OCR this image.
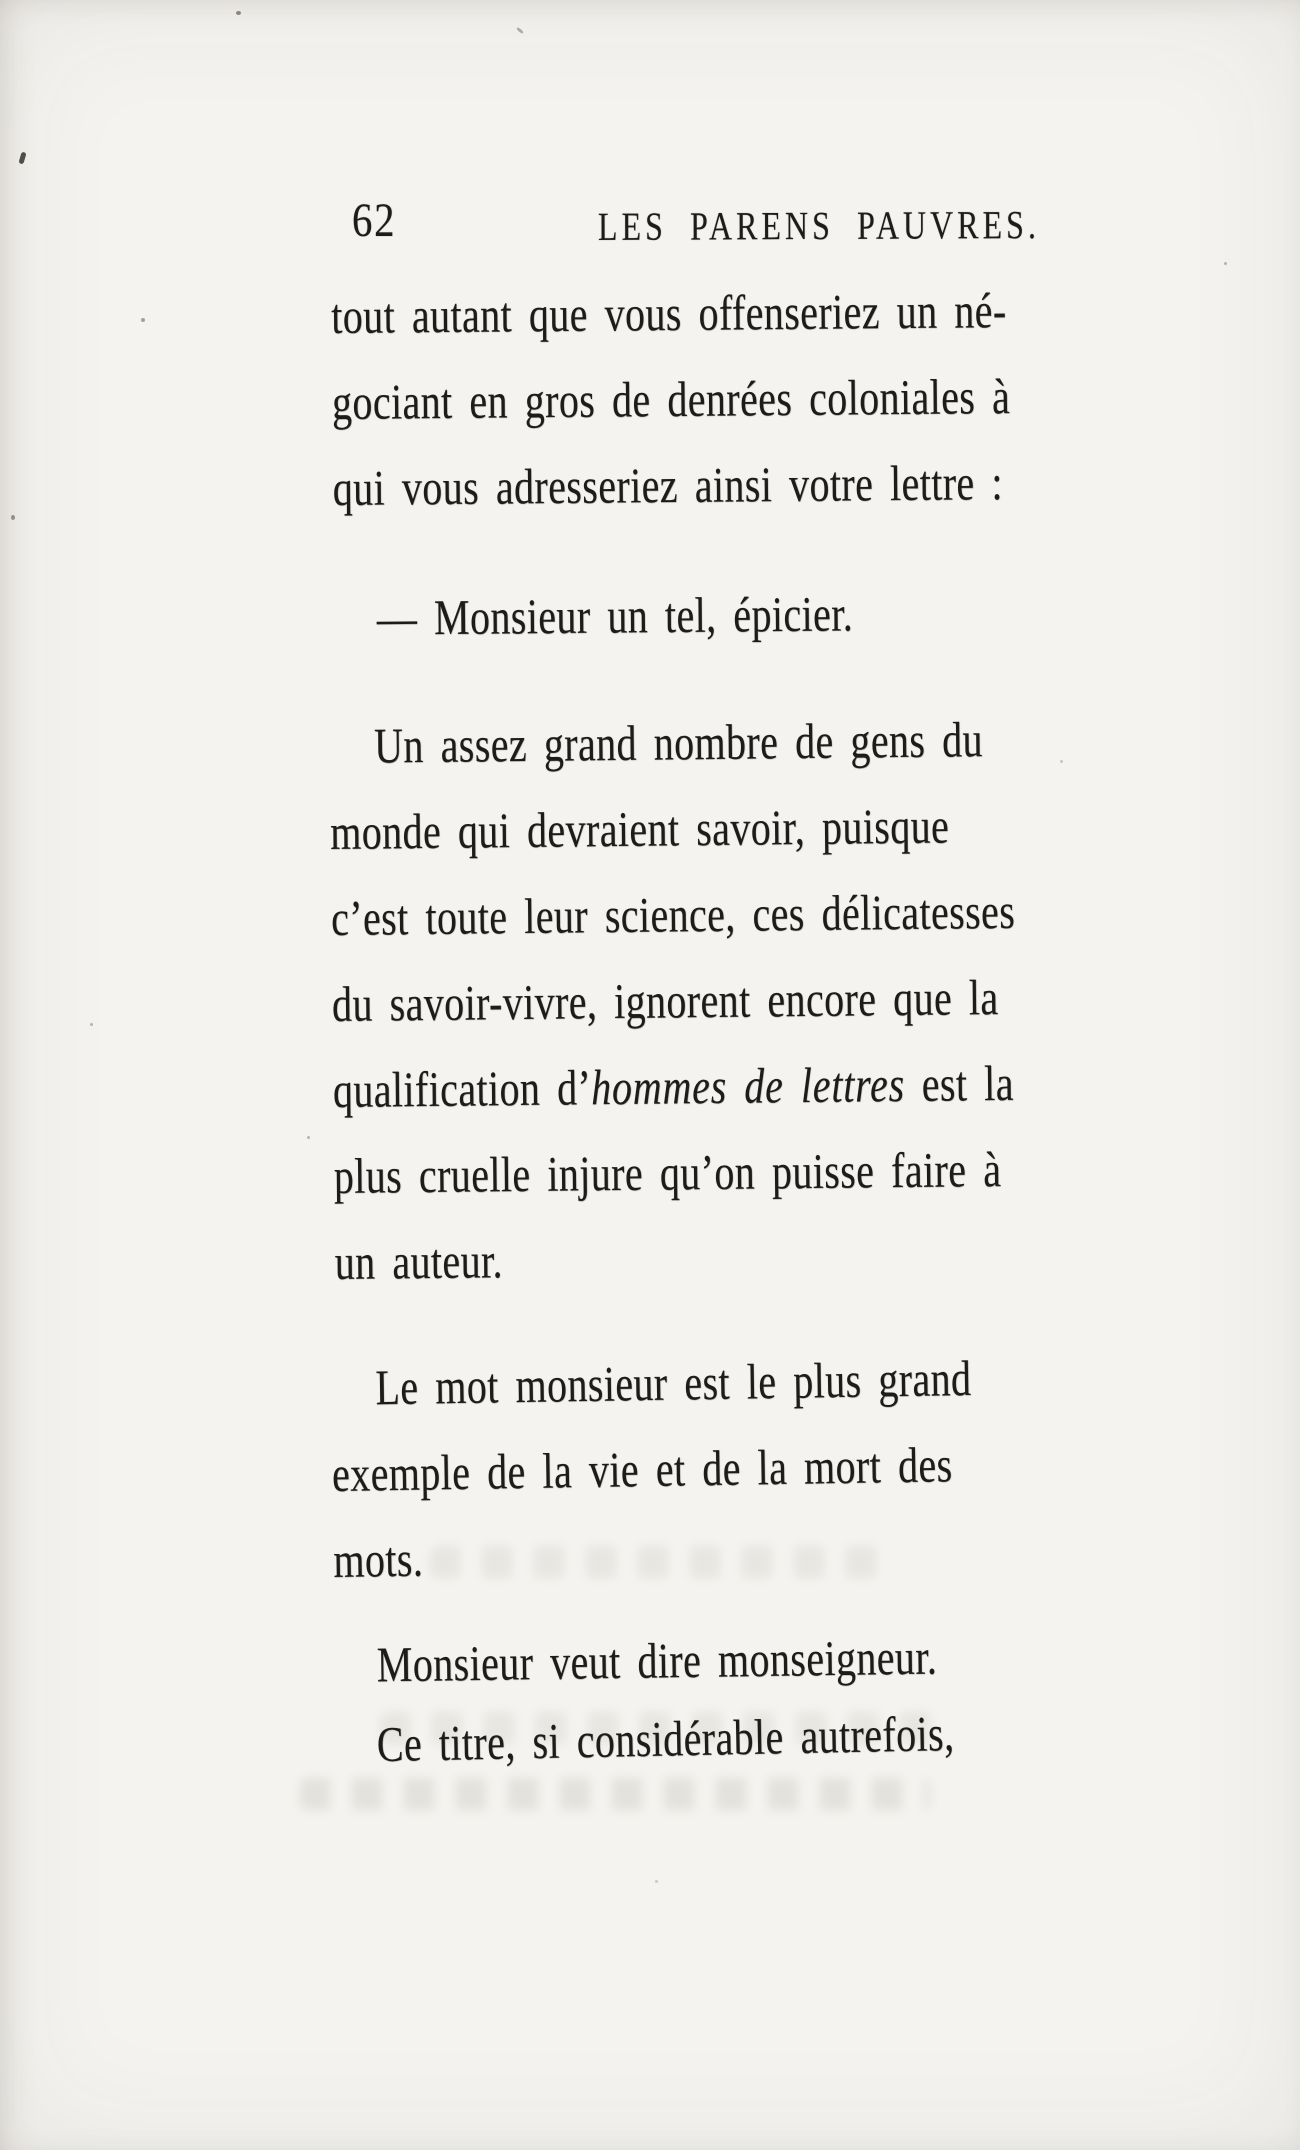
62	LES PARENS PAUVRES.
tout autant que vous offenseriez un né-
gociant en gros de denrées coloniales à
qui vous adresseriez ainsi votre lettre :
— Monsieur un tel, épicier.
Un assez grand nombre de gens du
monde qui devraient savoir, puisque
c’est toute leur science, ces délicatesses
du savoir-vivre, ignorent encore que la
qualification d’hommes de lettres est la
plus cruelle injure qu’on puisse faire à
un auteur.
Le mot monsieur est le plus grand
exemple de la vie et de la mort des
mots.
Monsieur veut dire monseigneur.
Ce titre, si considérable autrefois,
